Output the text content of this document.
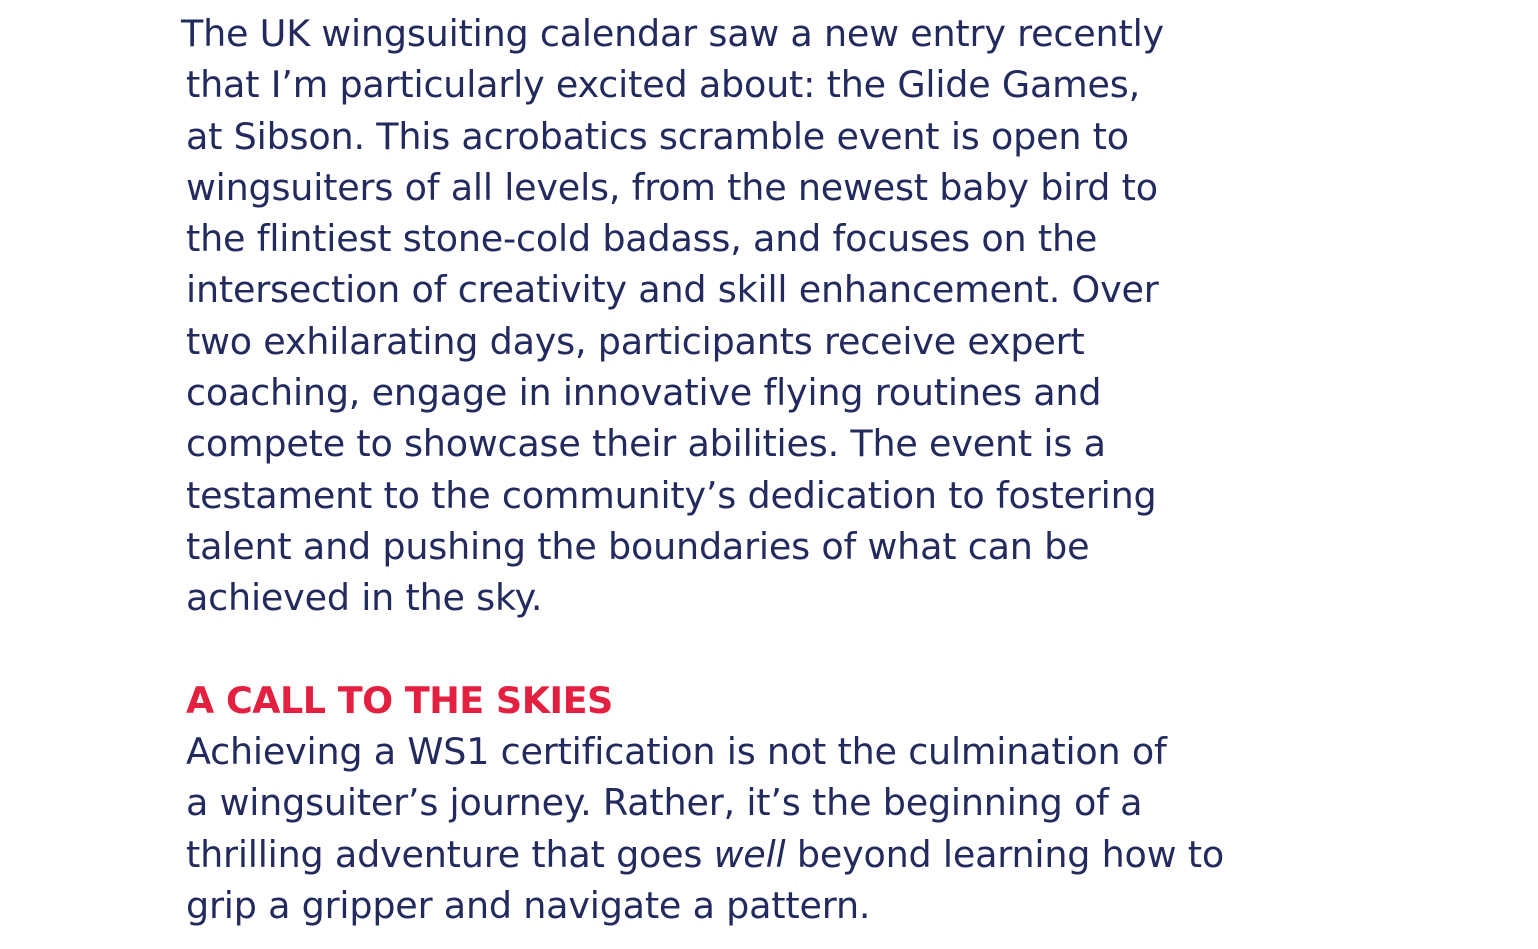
The UK wingsuiting calendar saw a new entry recently
that I’m particularly excited about: the Glide Games,
at Sibson. This acrobatics scramble event is open to
wingsuiters of all levels, from the newest baby bird to
the flintiest stone-cold badass, and focuses on the
intersection of creativity and skill enhancement. Over
two exhilarating days, participants receive expert
coaching, engage in innovative flying routines and
compete to showcase their abilities. The event is a
testament to the community’s dedication to fostering
talent and pushing the boundaries of what can be
achieved in the sky.
A CALL TO THE SKIES
Achieving a WS1 certification is not the culmination of
a wingsuiter’s journey. Rather, it’s the beginning of a
thrilling adventure that goes well beyond learning how to
grip a gripper and navigate a pattern.
